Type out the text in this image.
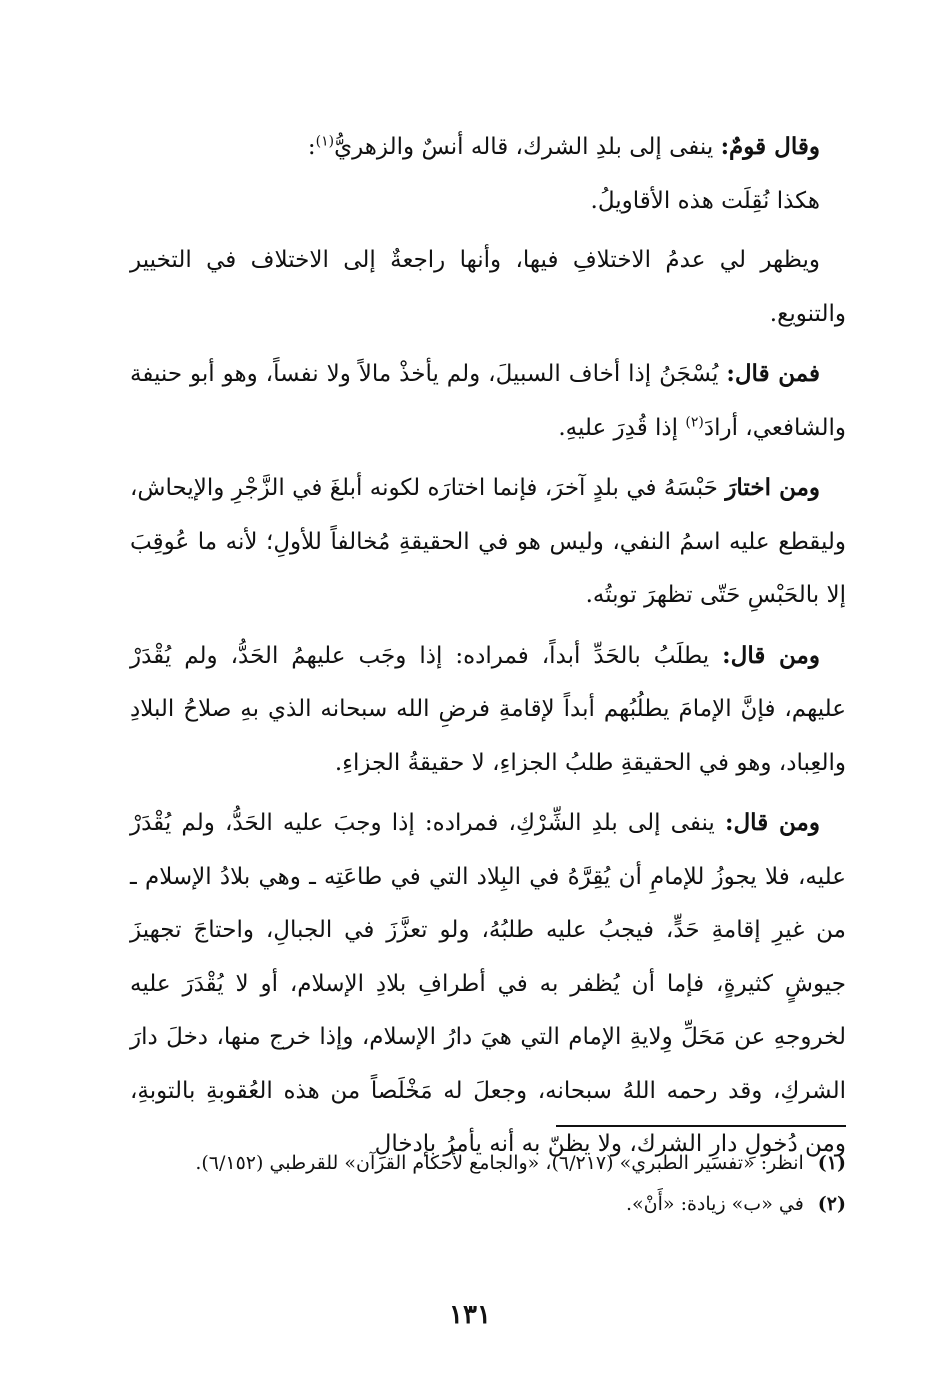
وقال قومٌ: ينفى إلى بلدِ الشرك، قاله أنسٌ والزهريُّ$^{(١)}$:

هكذا نُقِلَت هذه الأقاويلُ.

ويظهر لي عدمُ الاختلافِ فيها، وأنها راجعةٌ إلى الاختلاف في التخيير والتنويع.

فمن قال: يُسْجَنُ إذا أخاف السبيلَ، ولم يأخذْ مالاً ولا نفساً، وهو أبو حنيفة والشافعي، أرادَ$^{(٢)}$ إذا قُدِرَ عليهِ.

ومن اختارَ حَبْسَهُ في بلدٍ آخرَ، فإنما اختارَه لكونه أبلغَ في الزَّجْرِ والإيحاش، وليقطع عليه اسمُ النفي، وليس هو في الحقيقةِ مُخالفاً للأولِ؛ لأنه ما عُوقِبَ إلا بالحَبْسِ حَتّى تظهرَ توبتُه.

ومن قال: يطلَبُ بالحَدِّ أبداً، فمراده: إذا وجَب عليهمُ الحَدُّ، ولم يُقْدَرْ عليهم، فإنَّ الإمامَ يطلُبُهم أبداً لإقامةِ فرضِ الله سبحانه الذي بهِ صلاحُ البلادِ والعِباد، وهو في الحقيقةِ طلبُ الجزاءِ، لا حقيقةُ الجزاءِ.

ومن قال: ينفى إلى بلدِ الشِّرْكِ، فمراده: إذا وجبَ عليه الحَدُّ، ولم يُقْدَرْ عليه، فلا يجوزُ للإمامِ أن يُقِرَّهُ في البِلاد التي في طاعَتِه ـ وهي بلادُ الإسلام ـ من غيرِ إقامةِ حَدٍّ، فيجبُ عليه طلبُهُ، ولو تعزَّزَ في الجبالِ، واحتاجَ تجهيزَ جيوشٍ كثيرةٍ، فإما أن يُظفر به في أطرافِ بلادِ الإسلام، أو لا يُقْدَرَ عليه لخروجهِ عن مَحَلِّ وِلايةِ الإمام التي هيَ دارُ الإسلام، وإذا خرج منها، دخلَ دارَ الشركِ، وقد رحمه اللهُ سبحانه، وجعلَ له مَخْلَصاً من هذه العُقوبةِ بالتوبةِ، ومن دُخولِ دارِ الشرك، ولا يظنّ به أنه يأمرُ بإدخالِ

(١)انظر: «تفسير الطبري» (٦/٢١٧)، «والجامع لأحكام القرآن» للقرطبي (٦/١٥٢).

(٢)في «ب» زيادة: «أَنْ».

١٣١
